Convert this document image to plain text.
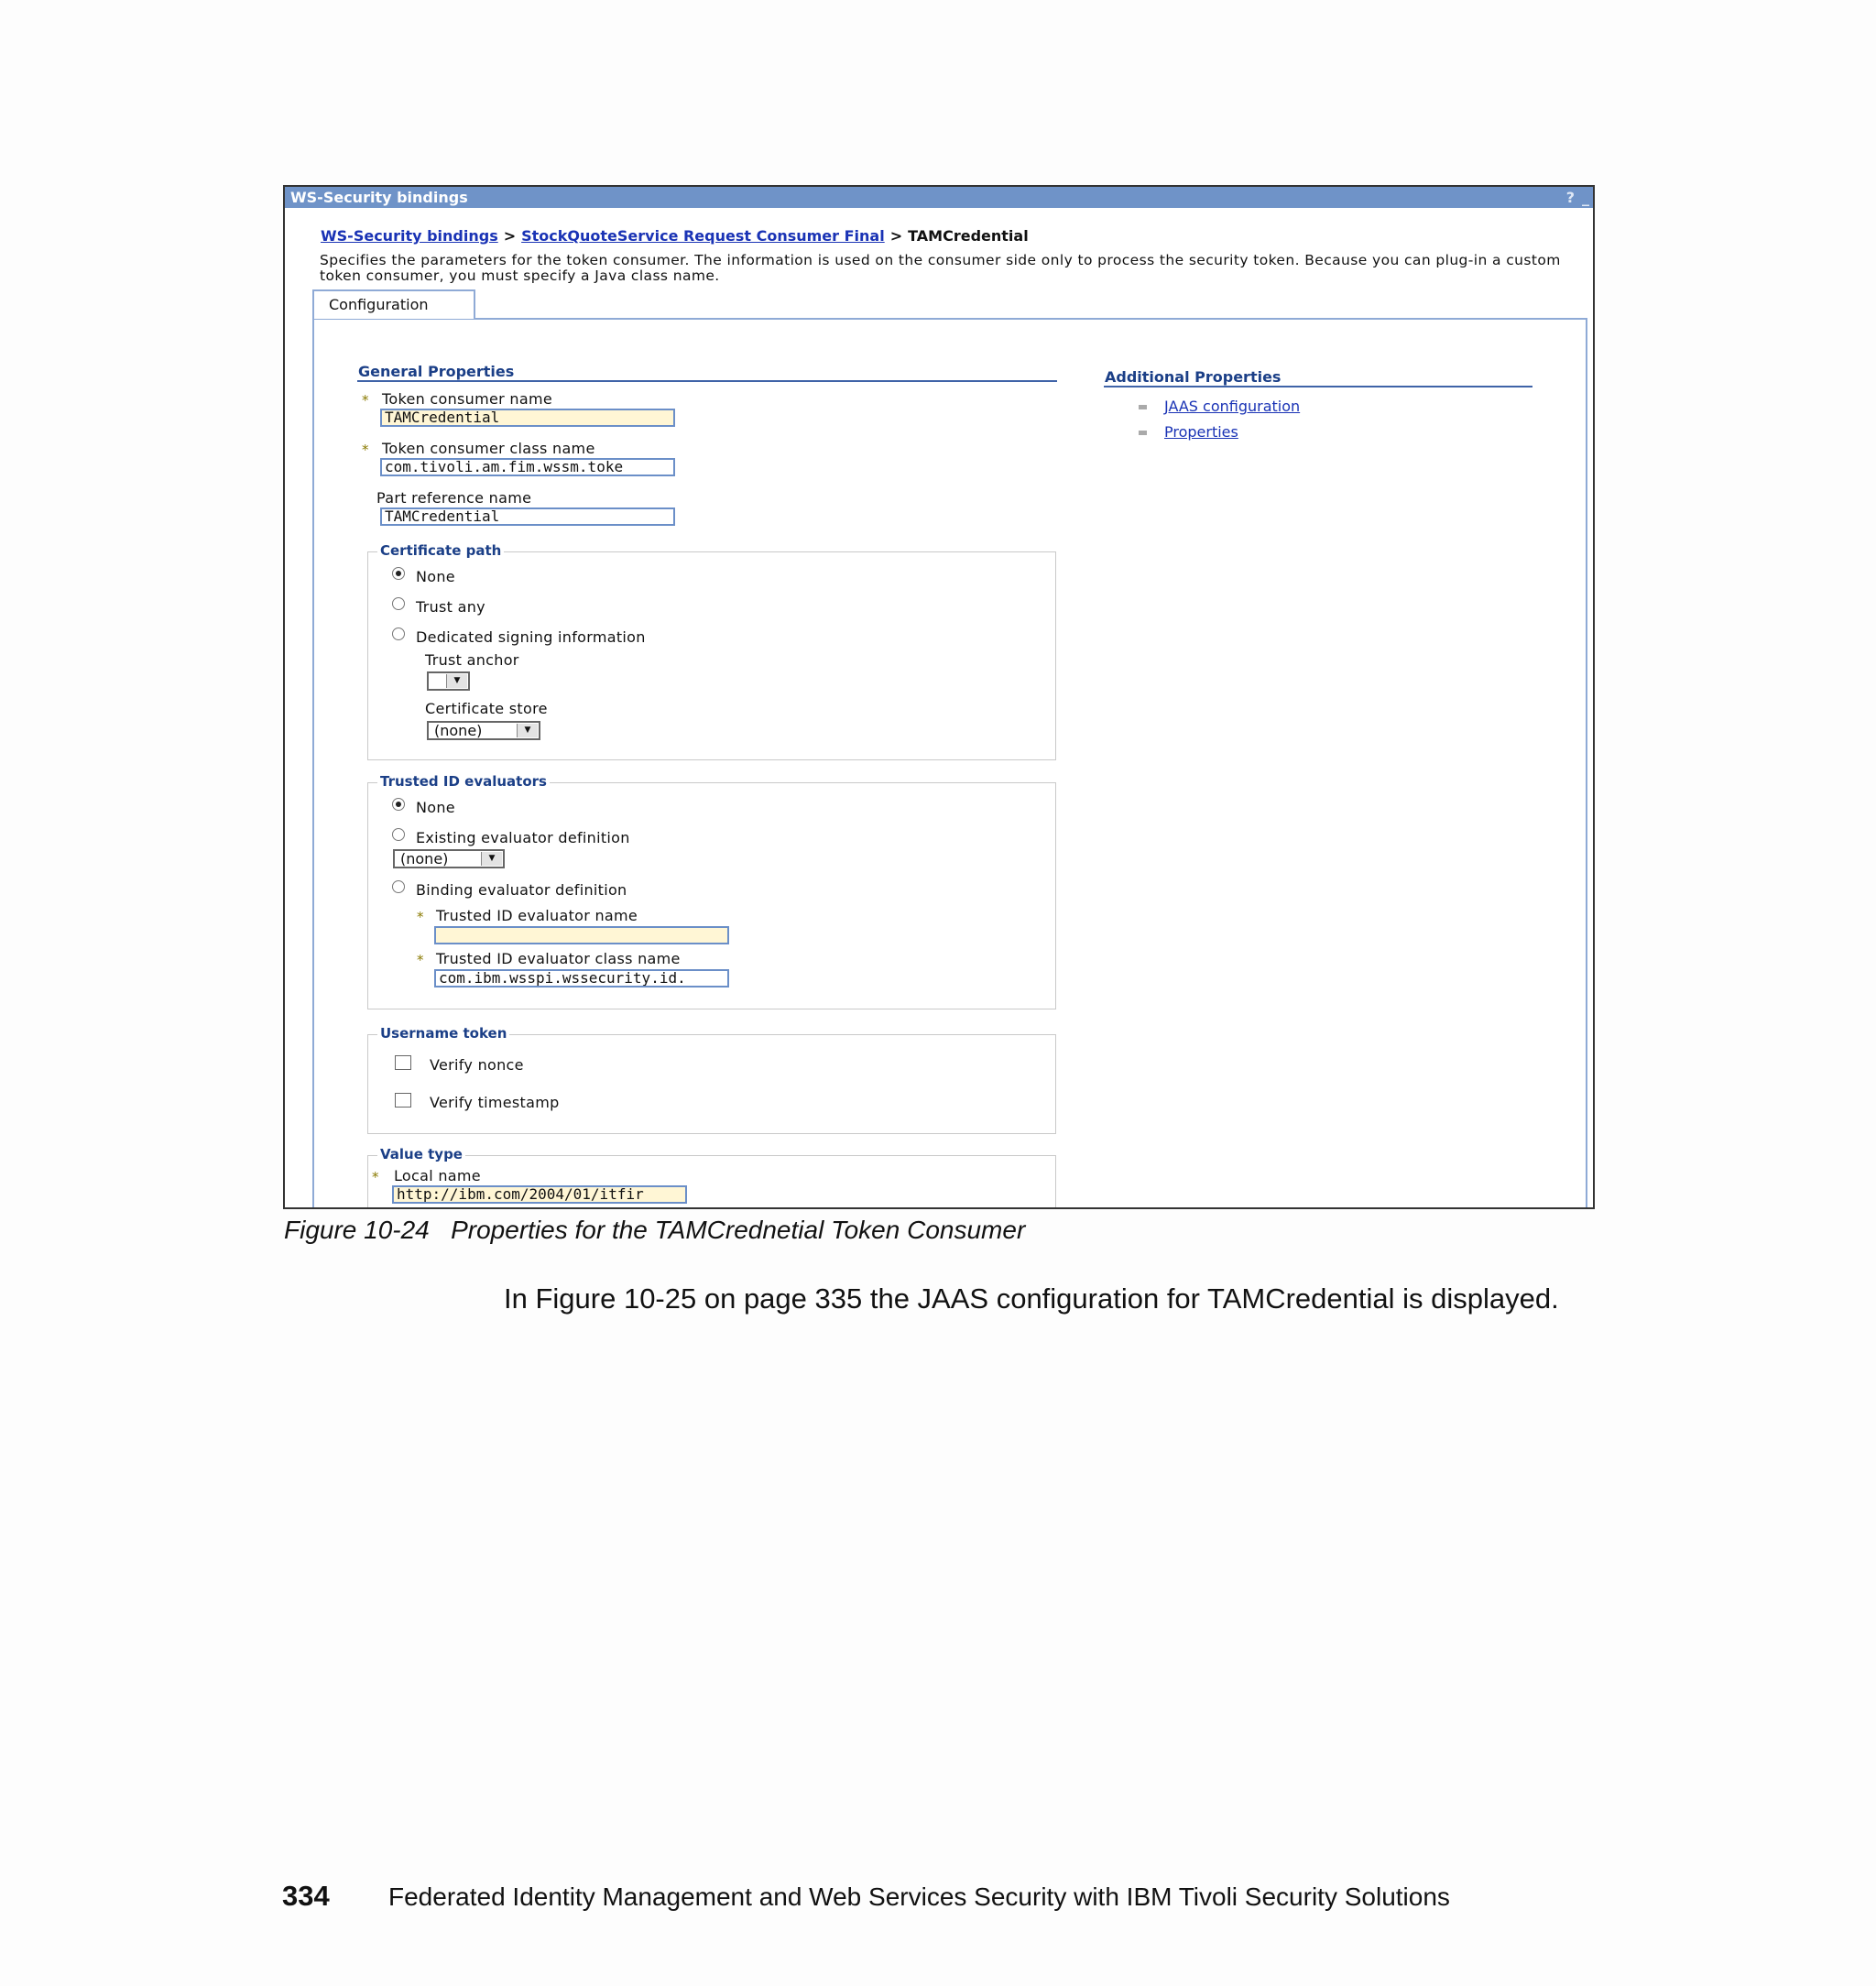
WS-Security bindings	? _
WS-Security bindings > StockQuoteService Request Consumer Final > TAMCredential
Specifies the parameters for the token consumer. The information is used on the consumer side only to process the security token. Because you can plug-in a custom token consumer, you must specify a Java class name.
Configuration
General Properties
* Token consumer name
TAMCredential
* Token consumer class name
com.tivoli.am.fim.wssm.toke
Part reference name
TAMCredential
Certificate path
None
Trust any
Dedicated signing information
Trust anchor
▼
Certificate store
(none)	▼
Trusted ID evaluators
None
Existing evaluator definition
(none)	▼
Binding evaluator definition
* Trusted ID evaluator name
* Trusted ID evaluator class name
com.ibm.wsspi.wssecurity.id.
Username token
Verify nonce
Verify timestamp
Value type
* Local name
http://ibm.com/2004/01/itfir
Additional Properties
JAAS configuration
Properties
Figure 10-24   Properties for the TAMCrednetial Token Consumer
In Figure 10-25 on page 335 the JAAS configuration for TAMCredential is displayed.
334 Federated Identity Management and Web Services Security with IBM Tivoli Security Solutions
